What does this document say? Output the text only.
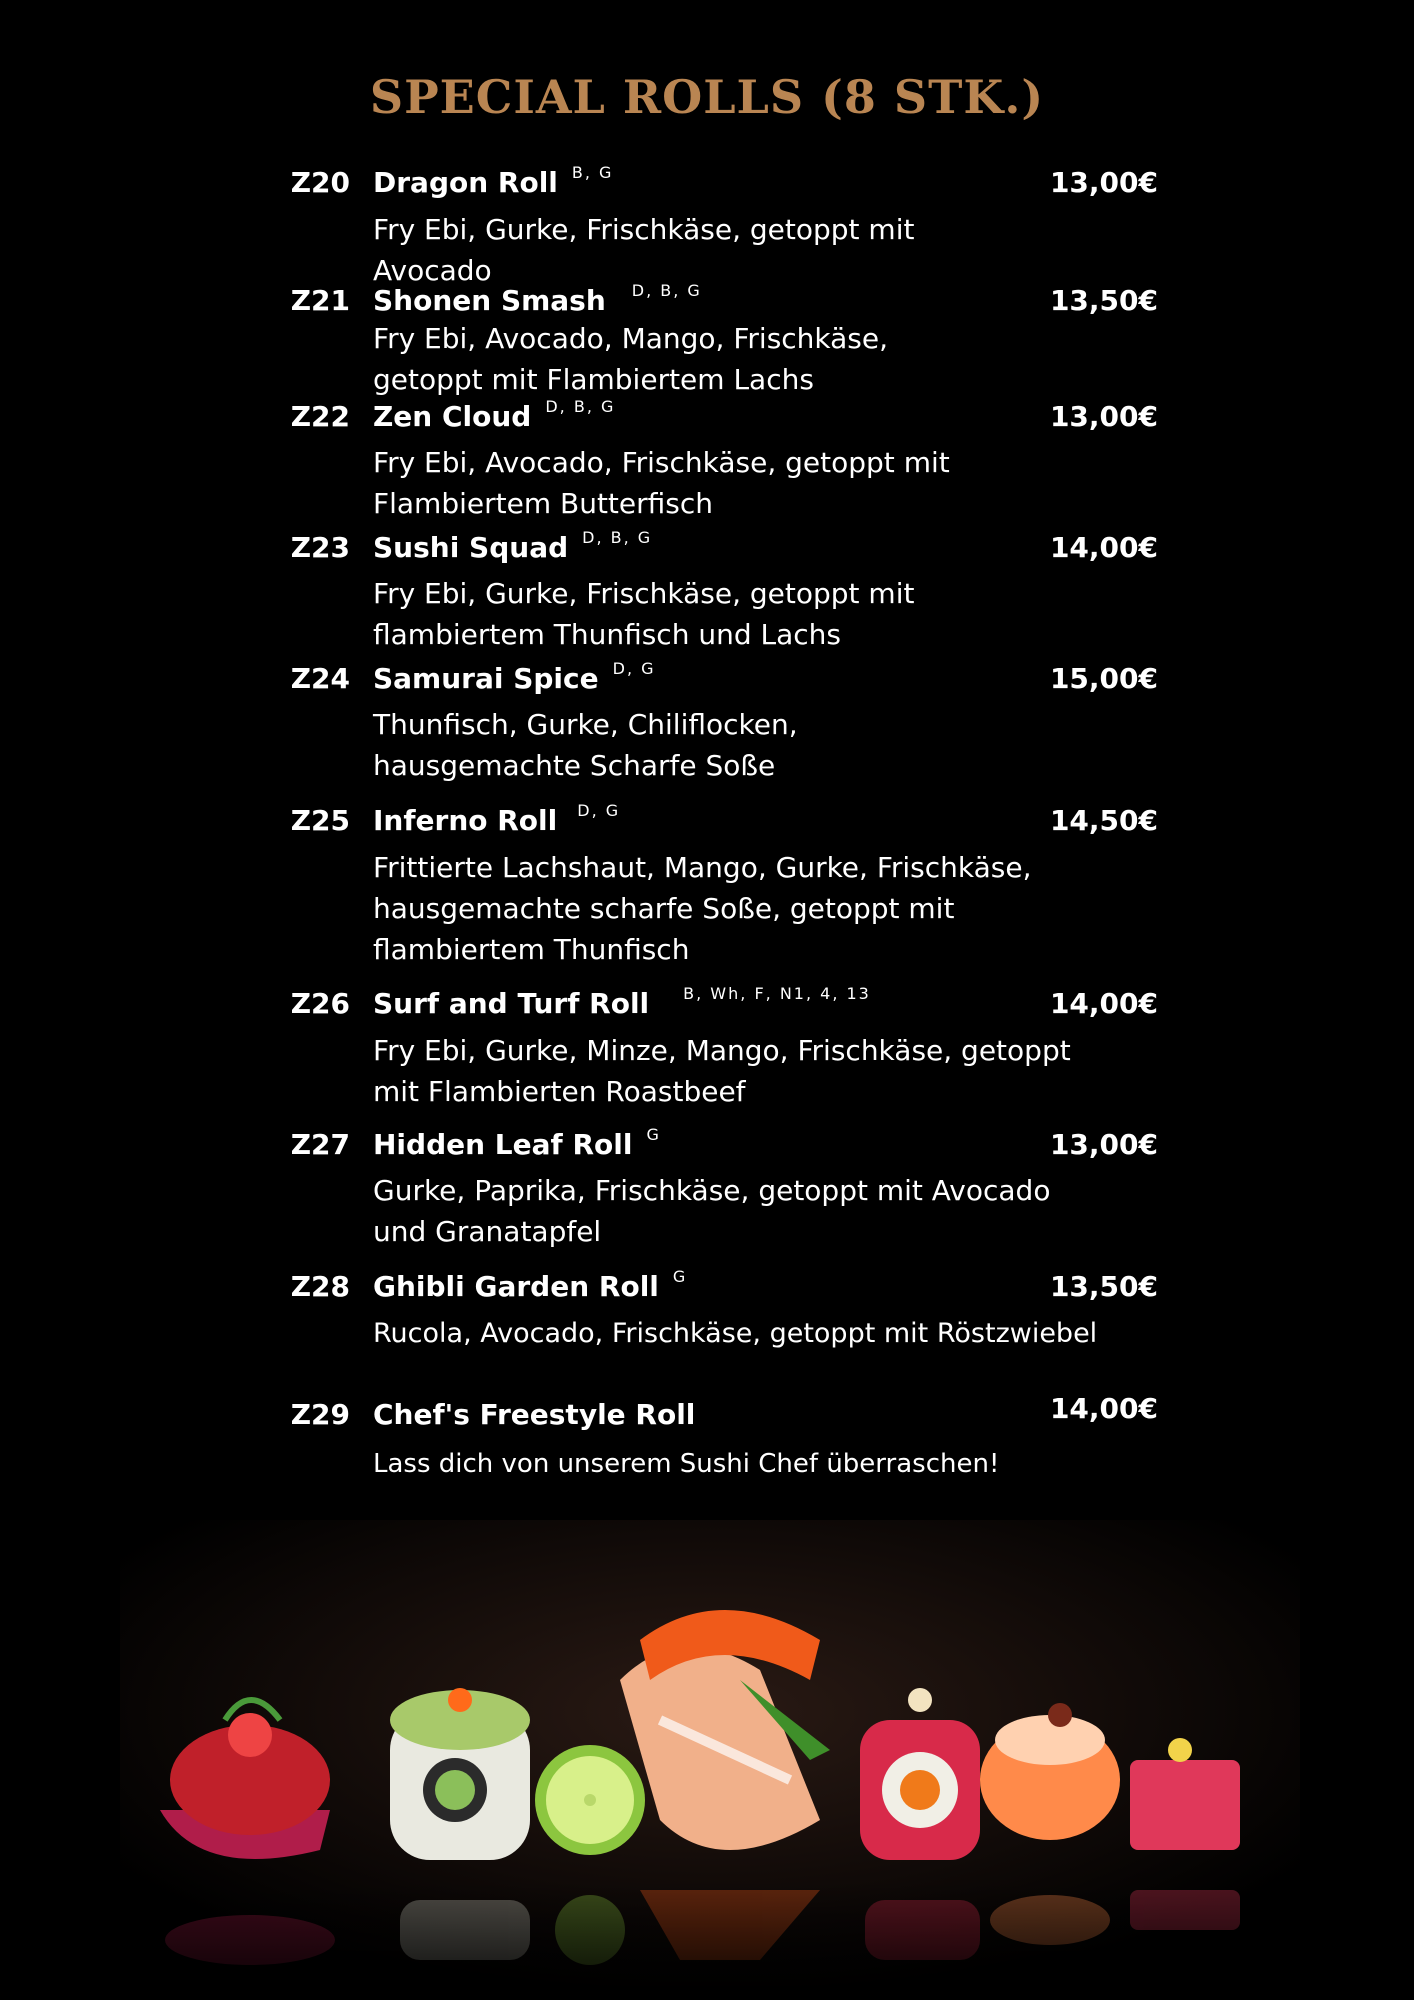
SPECIAL ROLLS (8 STK.)
Z20 Dragon Roll $^{B, G}$	13,00€
Fry Ebi, Gurke, Frischkäse, getoppt mit
Avocado
Z21 Shonen Smash $^{D, B, G}$	13,50€
Fry Ebi, Avocado, Mango, Frischkäse,
getoppt mit Flambiertem Lachs
Z22 Zen Cloud $^{D, B, G}$	13,00€
Fry Ebi, Avocado, Frischkäse, getoppt mit
Flambiertem Butterfisch
Z23 Sushi Squad $^{D, B, G}$	14,00€
Fry Ebi, Gurke, Frischkäse, getoppt mit
flambiertem Thunfisch und Lachs
Z24 Samurai Spice $^{D, G}$	15,00€
Thunfisch, Gurke, Chiliflocken,
hausgemachte Scharfe Soße
Z25 Inferno Roll $^{D, G}$	14,50€
Frittierte Lachshaut, Mango, Gurke, Frischkäse,
hausgemachte scharfe Soße, getoppt mit
flambiertem Thunfisch
Z26 Surf and Turf Roll $^{B, Wh, F, N1, 4, 13}$	14,00€
Fry Ebi, Gurke, Minze, Mango, Frischkäse, getoppt
mit Flambierten Roastbeef
Z27 Hidden Leaf Roll $^G$	13,00€
Gurke, Paprika, Frischkäse, getoppt mit Avocado
und Granatapfel
Z28 Ghibli Garden Roll $^G$	13,50€
Rucola, Avocado, Frischkäse, getoppt mit Röstzwiebel
Z29 Chef's Freestyle Roll	14,00€
Lass dich von unserem Sushi Chef überraschen!
